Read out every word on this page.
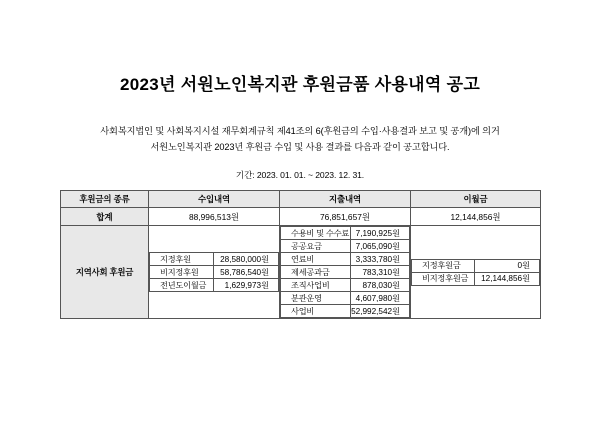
2023년 서원노인복지관 후원금품 사용내역 공고
사회복지법인 및 사회복지시설 재무회계규칙 제41조의 6(후원금의 수입·사용결과 보고 및 공개)에 의거
서원노인복지관 2023년 후원금 수입 및 사용 결과를 다음과 같이 공고합니다.
기간: 2023. 01. 01. ~ 2023. 12. 31.
후원금의 종류	수입내역	지출내역	이월금
합계	88,996,513원	76,851,657원	12,144,856원
지역사회 후원금	
지정후원	28,580,000원
비지정후원	58,786,540원
전년도이월금	1,629,973원

수용비 및 수수료	7,190,925원
공공요금	7,065,090원
연료비	3,333,780원
제세공과금	783,310원
조직사업비	878,030원
분관운영	4,607,980원
사업비	52,992,542원

지정후원금	0원
비지정후원금	12,144,856원
